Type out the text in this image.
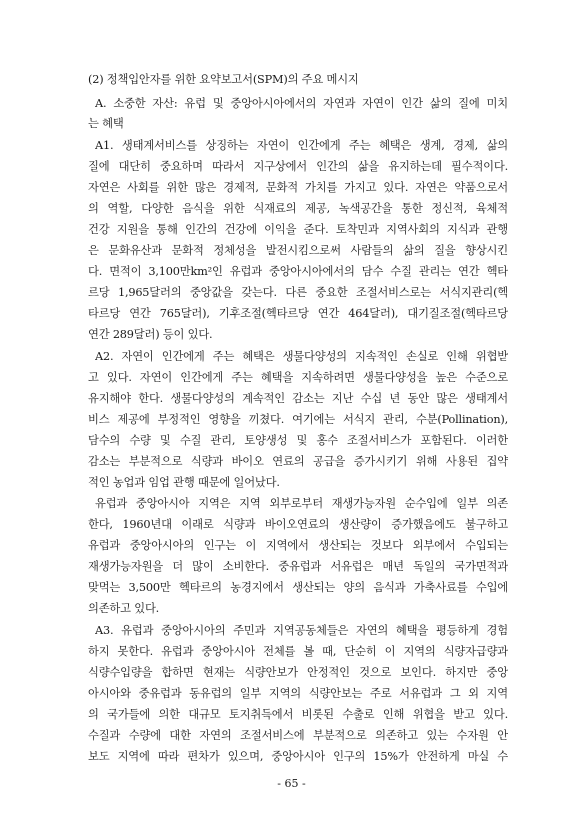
(2) 정책입안자를 위한 요약보고서(SPM)의 주요 메시지
A. 소중한 자산: 유럽 및 중앙아시아에서의 자연과 자연이 인간 삶의 질에 미치
는 혜택
A1. 생태계서비스를 상징하는 자연이 인간에게 주는 혜택은 생계, 경제, 삶의
질에 대단히 중요하며 따라서 지구상에서 인간의 삶을 유지하는데 필수적이다.
자연은 사회를 위한 많은 경제적, 문화적 가치를 가지고 있다. 자연은 약품으로서
의 역할, 다양한 음식을 위한 식재료의 제공, 녹색공간을 통한 정신적, 육체적
건강 지원을 통해 인간의 건강에 이익을 준다. 토착민과 지역사회의 지식과 관행
은 문화유산과 문화적 정체성을 발전시킴으로써 사람들의 삶의 질을 향상시킨
다. 면적이 3,100만km²인 유럽과 중앙아시아에서의 담수 수질 관리는 연간 헥타
르당 1,965달러의 중앙값을 갖는다. 다른 중요한 조절서비스로는 서식지관리(헥
타르당 연간 765달러), 기후조절(헥타르당 연간 464달러), 대기질조절(헥타르당
연간 289달러) 등이 있다.
A2. 자연이 인간에게 주는 혜택은 생물다양성의 지속적인 손실로 인해 위협받
고 있다. 자연이 인간에게 주는 혜택을 지속하려면 생물다양성을 높은 수준으로
유지해야 한다. 생물다양성의 계속적인 감소는 지난 수십 년 동안 많은 생태계서
비스 제공에 부정적인 영향을 끼쳤다. 여기에는 서식지 관리, 수분(Pollination),
담수의 수량 및 수질 관리, 토양생성 및 홍수 조절서비스가 포함된다. 이러한
감소는 부분적으로 식량과 바이오 연료의 공급을 증가시키기 위해 사용된 집약
적인 농업과 임업 관행 때문에 일어났다.
유럽과 중앙아시아 지역은 지역 외부로부터 재생가능자원 순수입에 일부 의존
한다, 1960년대 이래로 식량과 바이오연료의 생산량이 증가했음에도 불구하고
유럽과 중앙아시아의 인구는 이 지역에서 생산되는 것보다 외부에서 수입되는
재생가능자원을 더 많이 소비한다. 중유럽과 서유럽은 매년 독일의 국가면적과
맞먹는 3,500만 헥타르의 농경지에서 생산되는 양의 음식과 가축사료를 수입에
의존하고 있다.
A3. 유럽과 중앙아시아의 주민과 지역공동체들은 자연의 혜택을 평등하게 경험
하지 못한다. 유럽과 중앙아시아 전체를 볼 때, 단순히 이 지역의 식량자급량과
식량수입량을 합하면 현재는 식량안보가 안정적인 것으로 보인다. 하지만 중앙
아시아와 중유럽과 동유럽의 일부 지역의 식량안보는 주로 서유럽과 그 외 지역
의 국가들에 의한 대규모 토지취득에서 비롯된 수출로 인해 위협을 받고 있다.
수질과 수량에 대한 자연의 조절서비스에 부분적으로 의존하고 있는 수자원 안
보도 지역에 따라 편차가 있으며, 중앙아시아 인구의 15%가 안전하게 마실 수
- 65 -
